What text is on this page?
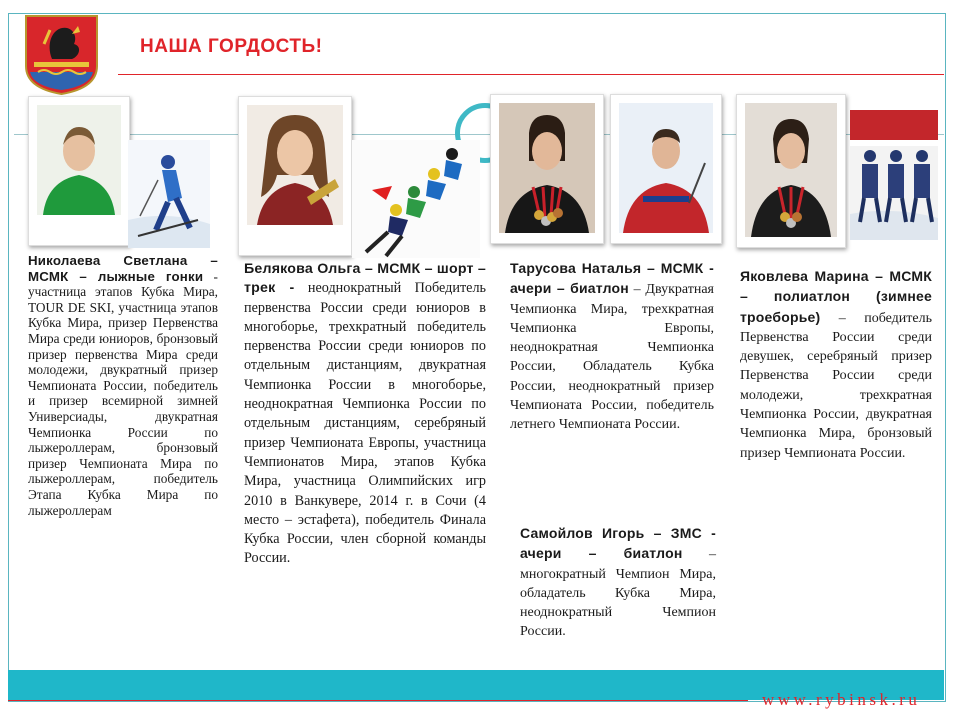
НАША ГОРДОСТЬ!
Николаева Светлана – МСМК – лыжные гонки - участница этапов Кубка Мира, TOUR DE SKI, участница этапов Кубка Мира, призер Первенства Мира среди юниоров, бронзовый призер первенства Мира среди молодежи, двукратный призер Чемпионата России, победитель и призер всемирной зимней Универсиады, двукратная Чемпионка России по лыжероллерам, бронзовый призер Чемпионата Мира по лыжероллерам, победитель Этапа Кубка Мира по лыжероллерам
Белякова Ольга – МСМК – шорт – трек - неоднократный Победитель первенства России среди юниоров в многоборье, трехкратный победитель первенства России среди юниоров по отдельным дистанциям, двукратная Чемпионка России в многоборье, неоднократная Чемпионка России по отдельным дистанциям, серебряный призер Чемпионата Европы, участница Чемпионатов Мира, этапов Кубка Мира, участница Олимпийских игр 2010 в Ванкувере, 2014 г. в Сочи (4 место – эстафета), победитель Финала Кубка России, член сборной команды России.
Тарусова Наталья – МСМК - ачери – биатлон – Двукратная Чемпионка Мира, трехкратная Чемпионка Европы, неоднократная Чемпионка России, Обладатель Кубка России, неоднократный призер Чемпионата России, победитель летнего Чемпионата России.
Самойлов Игорь – ЗМС - ачери – биатлон – многократный Чемпион Мира, обладатель Кубка Мира, неоднократный Чемпион России.
Яковлева Марина – МСМК – полиатлон (зимнее троеборье) – победитель Первенства России среди девушек, серебряный призер Первенства России среди молодежи, трехкратная Чемпионка России, двукратная Чемпионка Мира, бронзовый призер Чемпионата России.
www.rybinsk.ru
